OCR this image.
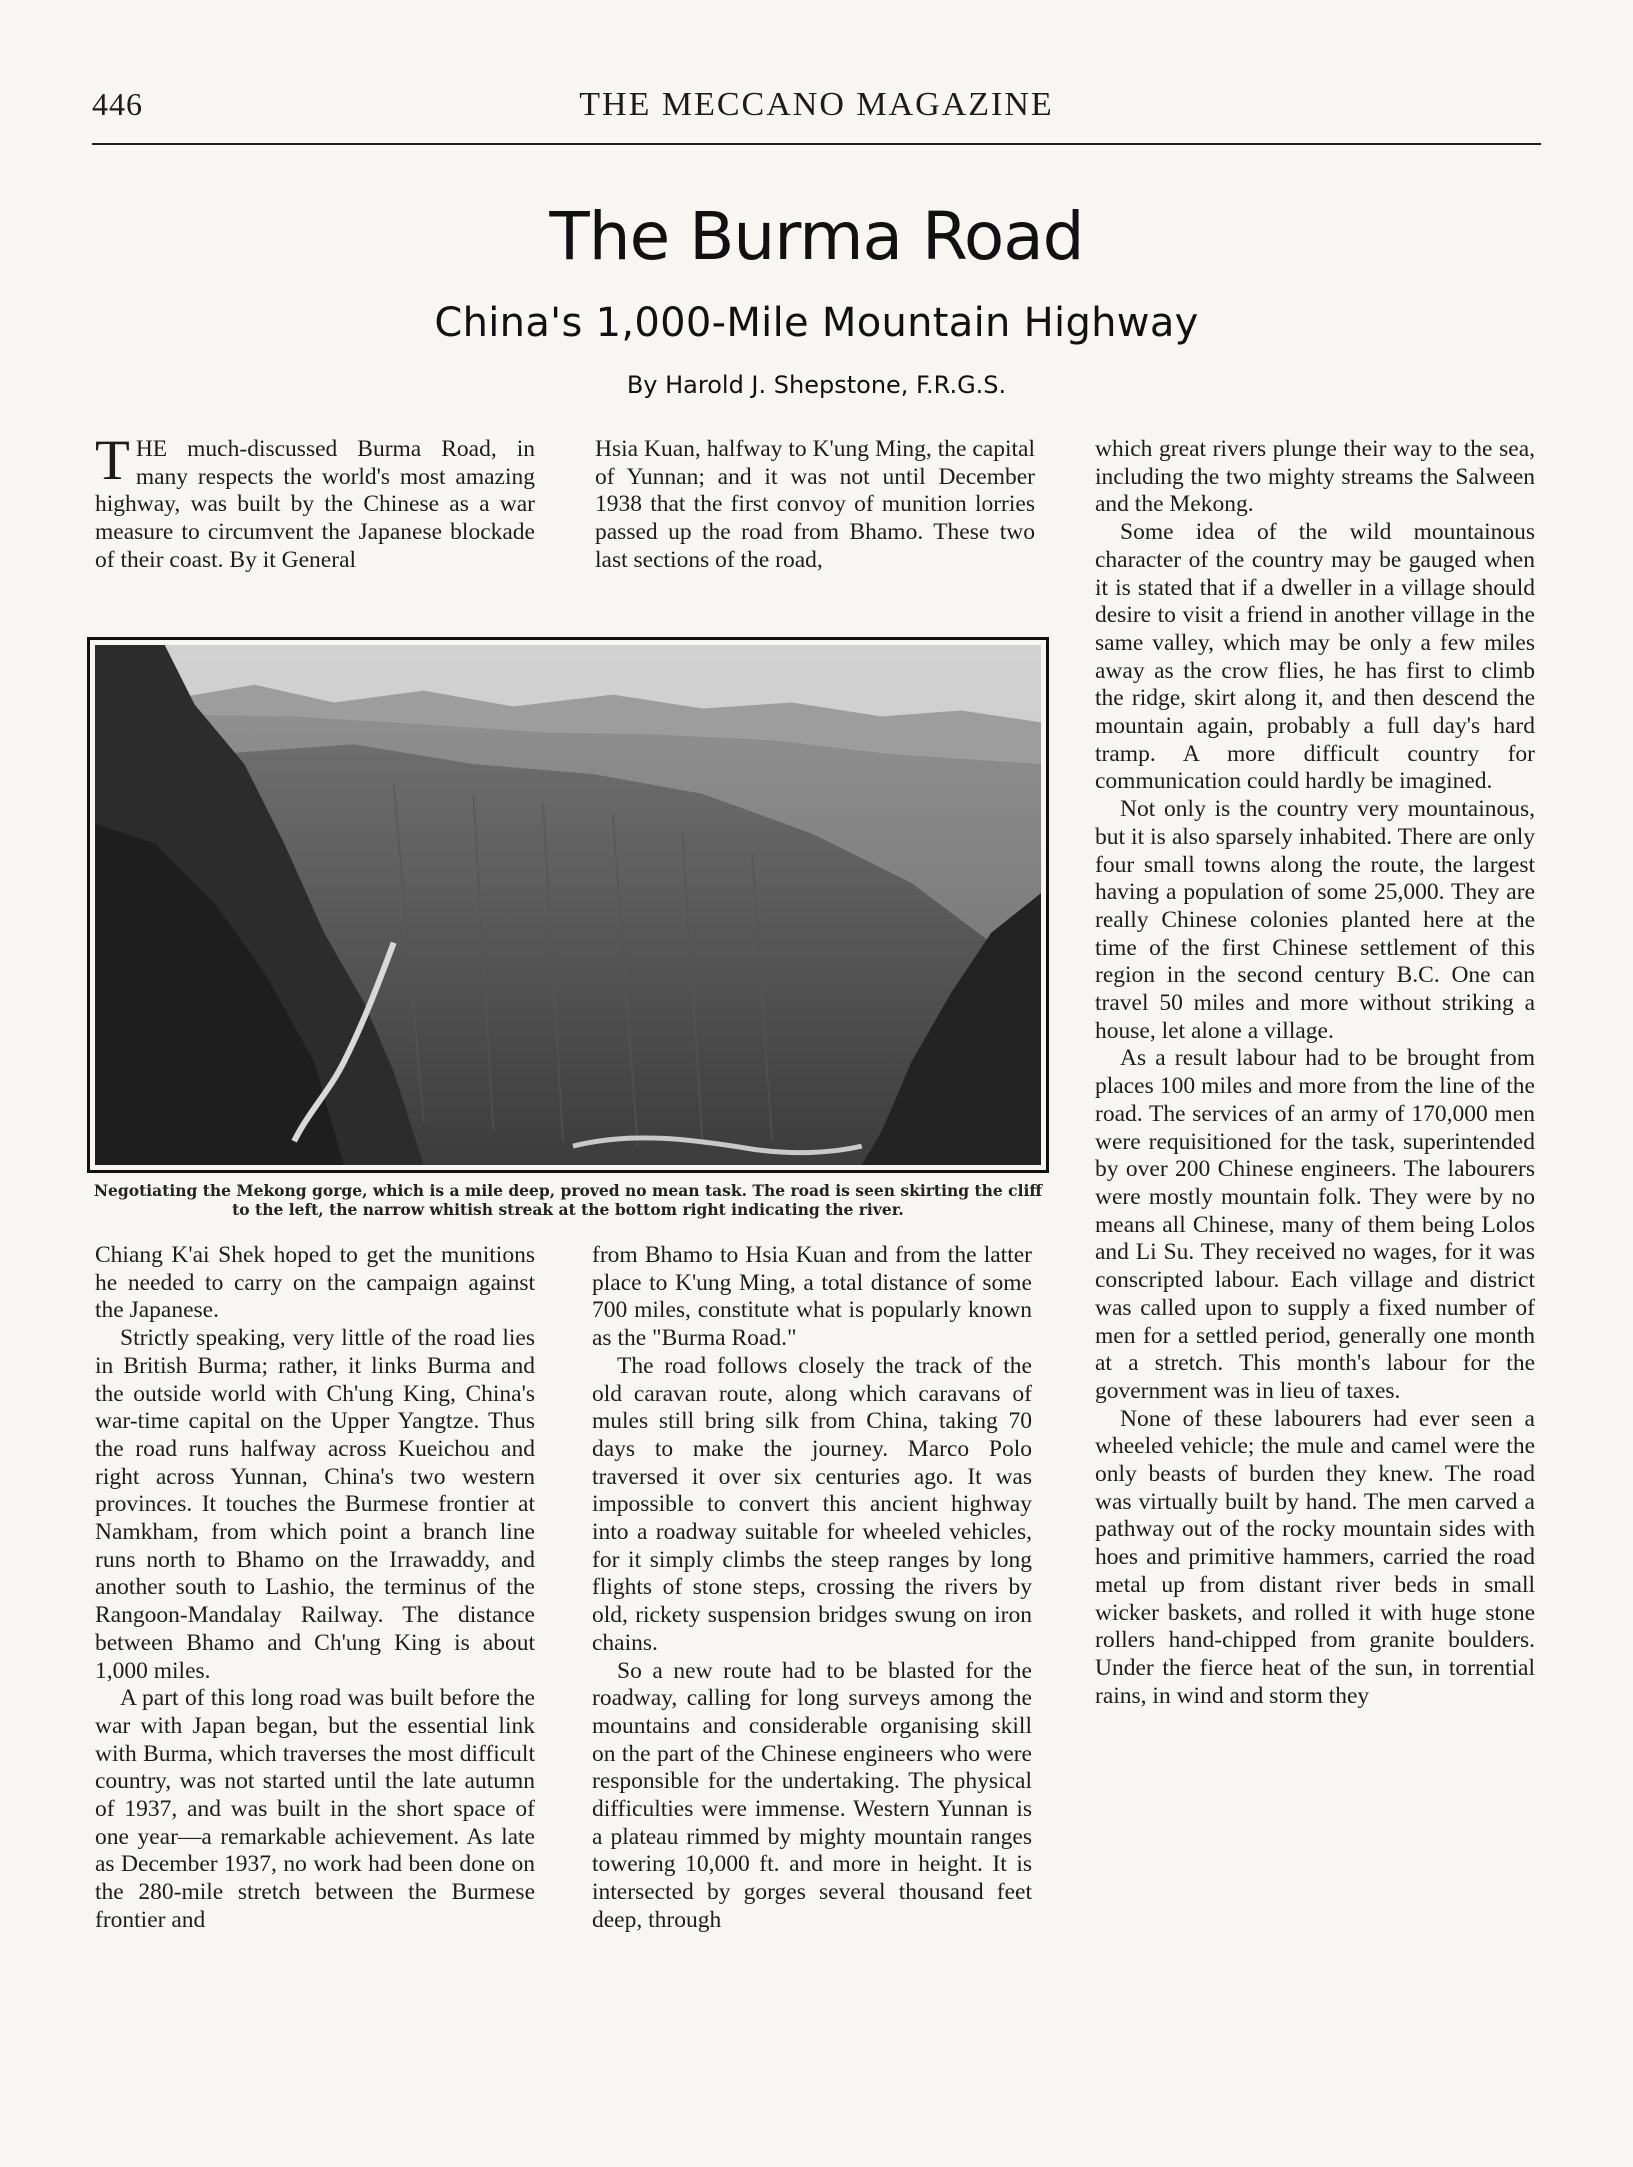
446	THE MECCANO MAGAZINE
The Burma Road
China's 1,000-Mile Mountain Highway
By Harold J. Shepstone, F.R.G.S.

THE much-discussed Burma Road, in many respects the world's most amazing highway, was built by the Chinese as a war measure to circumvent the Japanese blockade of their coast. By it General

Hsia Kuan, halfway to K'ung Ming, the capital of Yunnan; and it was not until December 1938 that the first convoy of munition lorries passed up the road from Bhamo. These two last sections of the road,

Negotiating the Mekong gorge, which is a mile deep, proved no mean task. The road is seen skirting the cliff to the left, the narrow whitish streak at the bottom right indicating the river.

Chiang K'ai Shek hoped to get the munitions he needed to carry on the campaign against the Japanese.

Strictly speaking, very little of the road lies in British Burma; rather, it links Burma and the outside world with Ch'ung King, China's war-time capital on the Upper Yangtze. Thus the road runs halfway across Kueichou and right across Yunnan, China's two western provinces. It touches the Burmese frontier at Namkham, from which point a branch line runs north to Bhamo on the Irrawaddy, and another south to Lashio, the terminus of the Rangoon-Mandalay Railway. The distance between Bhamo and Ch'ung King is about 1,000 miles.

A part of this long road was built before the war with Japan began, but the essential link with Burma, which traverses the most difficult country, was not started until the late autumn of 1937, and was built in the short space of one year—a remarkable achievement. As late as December 1937, no work had been done on the 280-mile stretch between the Burmese frontier and

from Bhamo to Hsia Kuan and from the latter place to K'ung Ming, a total distance of some 700 miles, constitute what is popularly known as the "Burma Road."

The road follows closely the track of the old caravan route, along which caravans of mules still bring silk from China, taking 70 days to make the journey. Marco Polo traversed it over six centuries ago. It was impossible to convert this ancient highway into a roadway suitable for wheeled vehicles, for it simply climbs the steep ranges by long flights of stone steps, crossing the rivers by old, rickety suspension bridges swung on iron chains.

So a new route had to be blasted for the roadway, calling for long surveys among the mountains and considerable organising skill on the part of the Chinese engineers who were responsible for the undertaking. The physical difficulties were immense. Western Yunnan is a plateau rimmed by mighty mountain ranges towering 10,000 ft. and more in height. It is intersected by gorges several thousand feet deep, through

which great rivers plunge their way to the sea, including the two mighty streams the Salween and the Mekong.

Some idea of the wild mountainous character of the country may be gauged when it is stated that if a dweller in a village should desire to visit a friend in another village in the same valley, which may be only a few miles away as the crow flies, he has first to climb the ridge, skirt along it, and then descend the mountain again, probably a full day's hard tramp. A more difficult country for communication could hardly be imagined.

Not only is the country very mountainous, but it is also sparsely inhabited. There are only four small towns along the route, the largest having a population of some 25,000. They are really Chinese colonies planted here at the time of the first Chinese settlement of this region in the second century B.C. One can travel 50 miles and more without striking a house, let alone a village.

As a result labour had to be brought from places 100 miles and more from the line of the road. The services of an army of 170,000 men were requisitioned for the task, superintended by over 200 Chinese engineers. The labourers were mostly mountain folk. They were by no means all Chinese, many of them being Lolos and Li Su. They received no wages, for it was conscripted labour. Each village and district was called upon to supply a fixed number of men for a settled period, generally one month at a stretch. This month's labour for the government was in lieu of taxes.

None of these labourers had ever seen a wheeled vehicle; the mule and camel were the only beasts of burden they knew. The road was virtually built by hand. The men carved a pathway out of the rocky mountain sides with hoes and primitive hammers, carried the road metal up from distant river beds in small wicker baskets, and rolled it with huge stone rollers hand-chipped from granite boulders. Under the fierce heat of the sun, in torrential rains, in wind and storm they
